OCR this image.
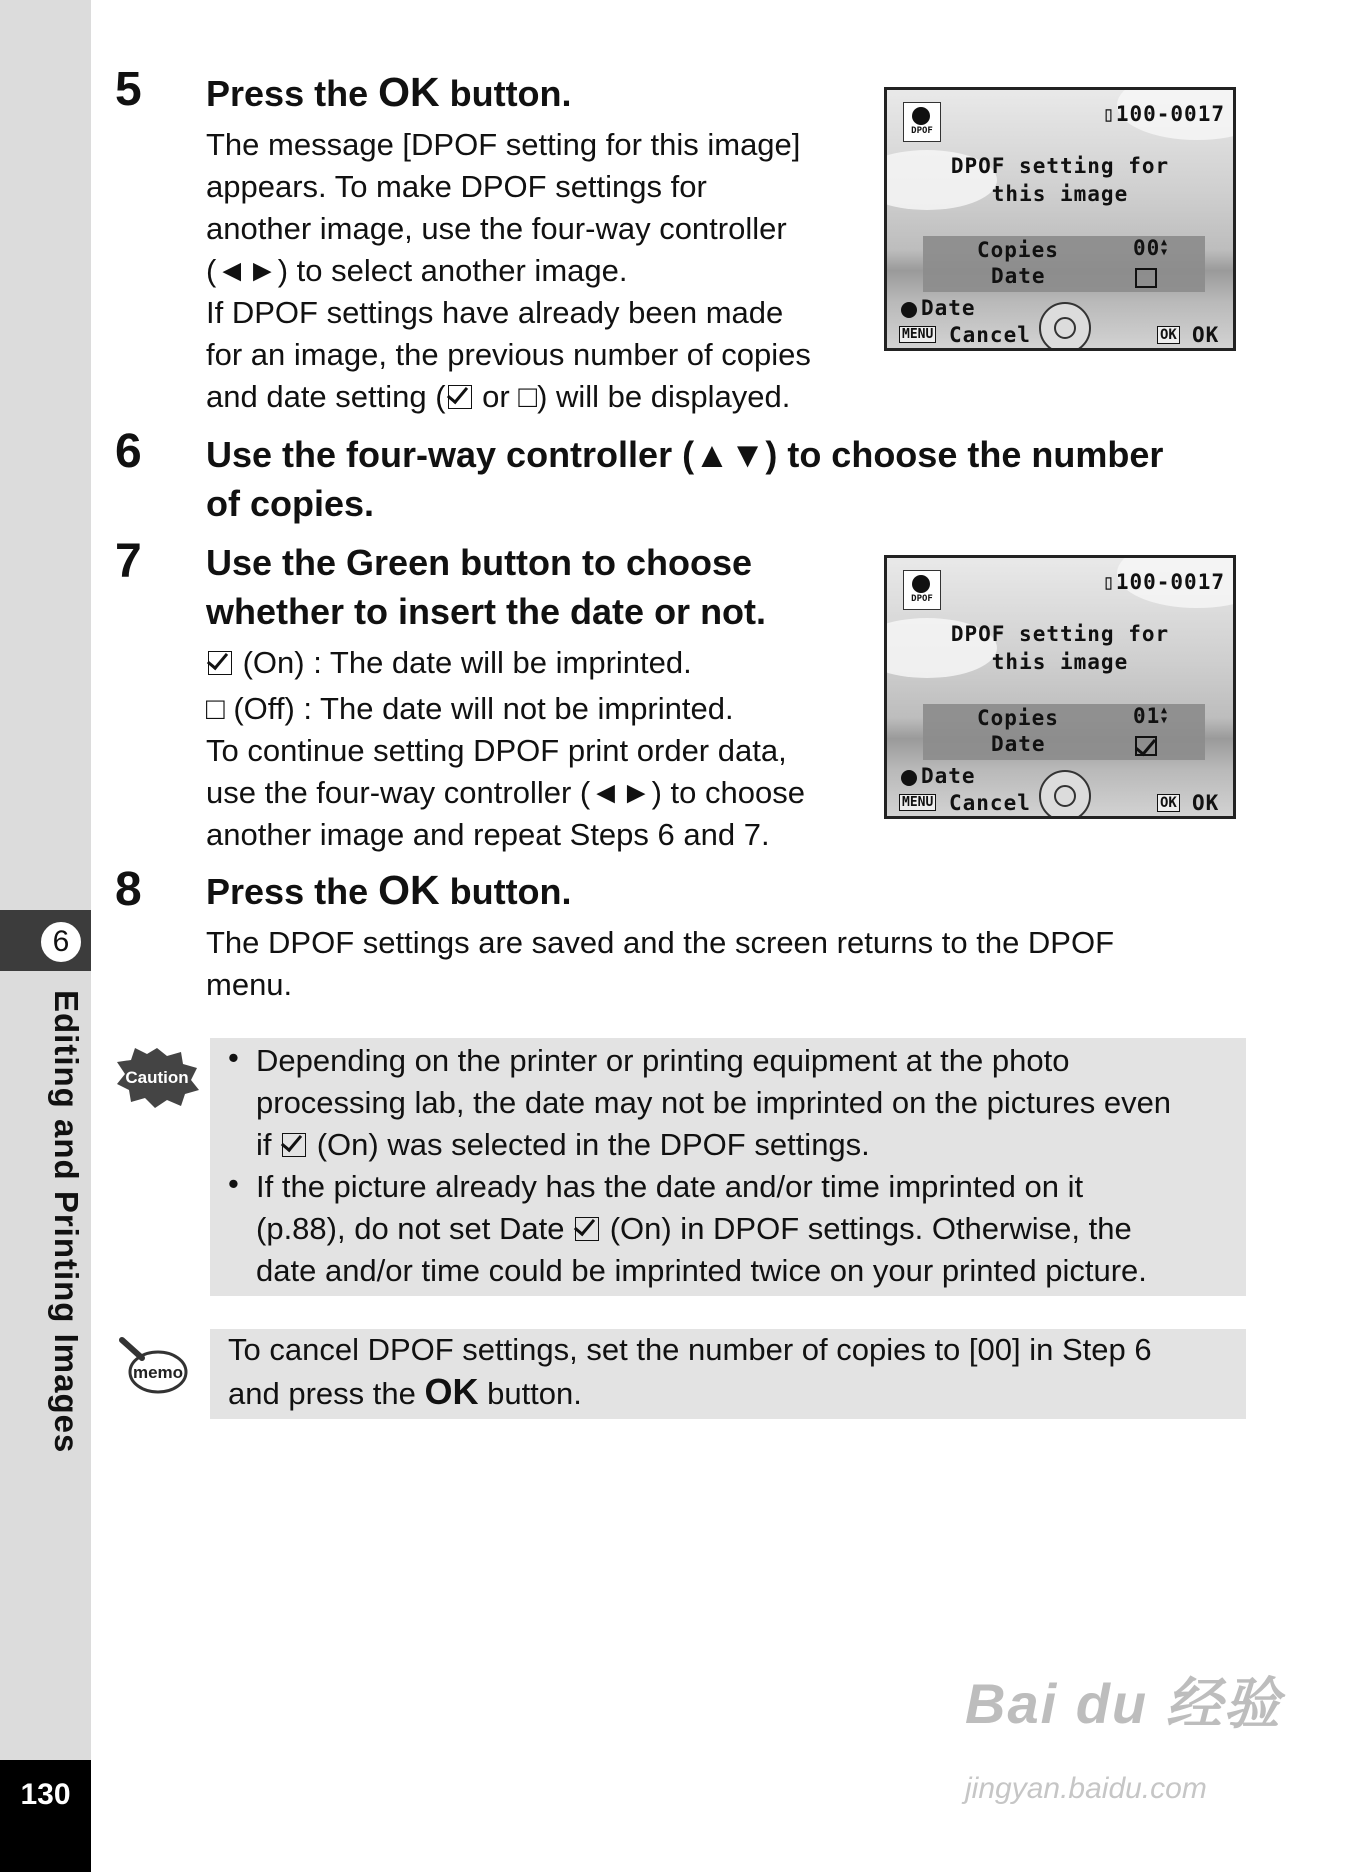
6
Editing and Printing Images
130
5 Press the OK button.
The message [DPOF setting for this image]
appears. To make DPOF settings for
another image, use the four-way controller
(◄►) to select another image.
If DPOF settings have already been made
for an image, the previous number of copies
and date setting ( or □) will be displayed.
DPOF
▯100-0017
DPOF setting for
this image
Copies	00 ▲
▼
Date
Date
MENU Cancel	OK OK
6 Use the four-way controller (▲▼) to choose the number
of copies.
7 Use the Green button to choose
whether to insert the date or not.
(On) : The date will be imprinted.
□ (Off) : The date will not be imprinted.
To continue setting DPOF print order data,
use the four-way controller (◄►) to choose
another image and repeat Steps 6 and 7.
DPOF
▯100-0017
DPOF setting for
this image
Copies	01 ▲
▼
Date
Date
MENU Cancel	OK OK
8 Press the OK button.
The DPOF settings are saved and the screen returns to the DPOF
menu.
Caution
• Depending on the printer or printing equipment at the photo
processing lab, the date may not be imprinted on the pictures even
if  (On) was selected in the DPOF settings.
• If the picture already has the date and/or time imprinted on it
(p.88), do not set Date  (On) in DPOF settings. Otherwise, the
date and/or time could be imprinted twice on your printed picture.
memo
To cancel DPOF settings, set the number of copies to [00] in Step 6
and press the OK button.
Bai du 经验
jingyan.baidu.com
